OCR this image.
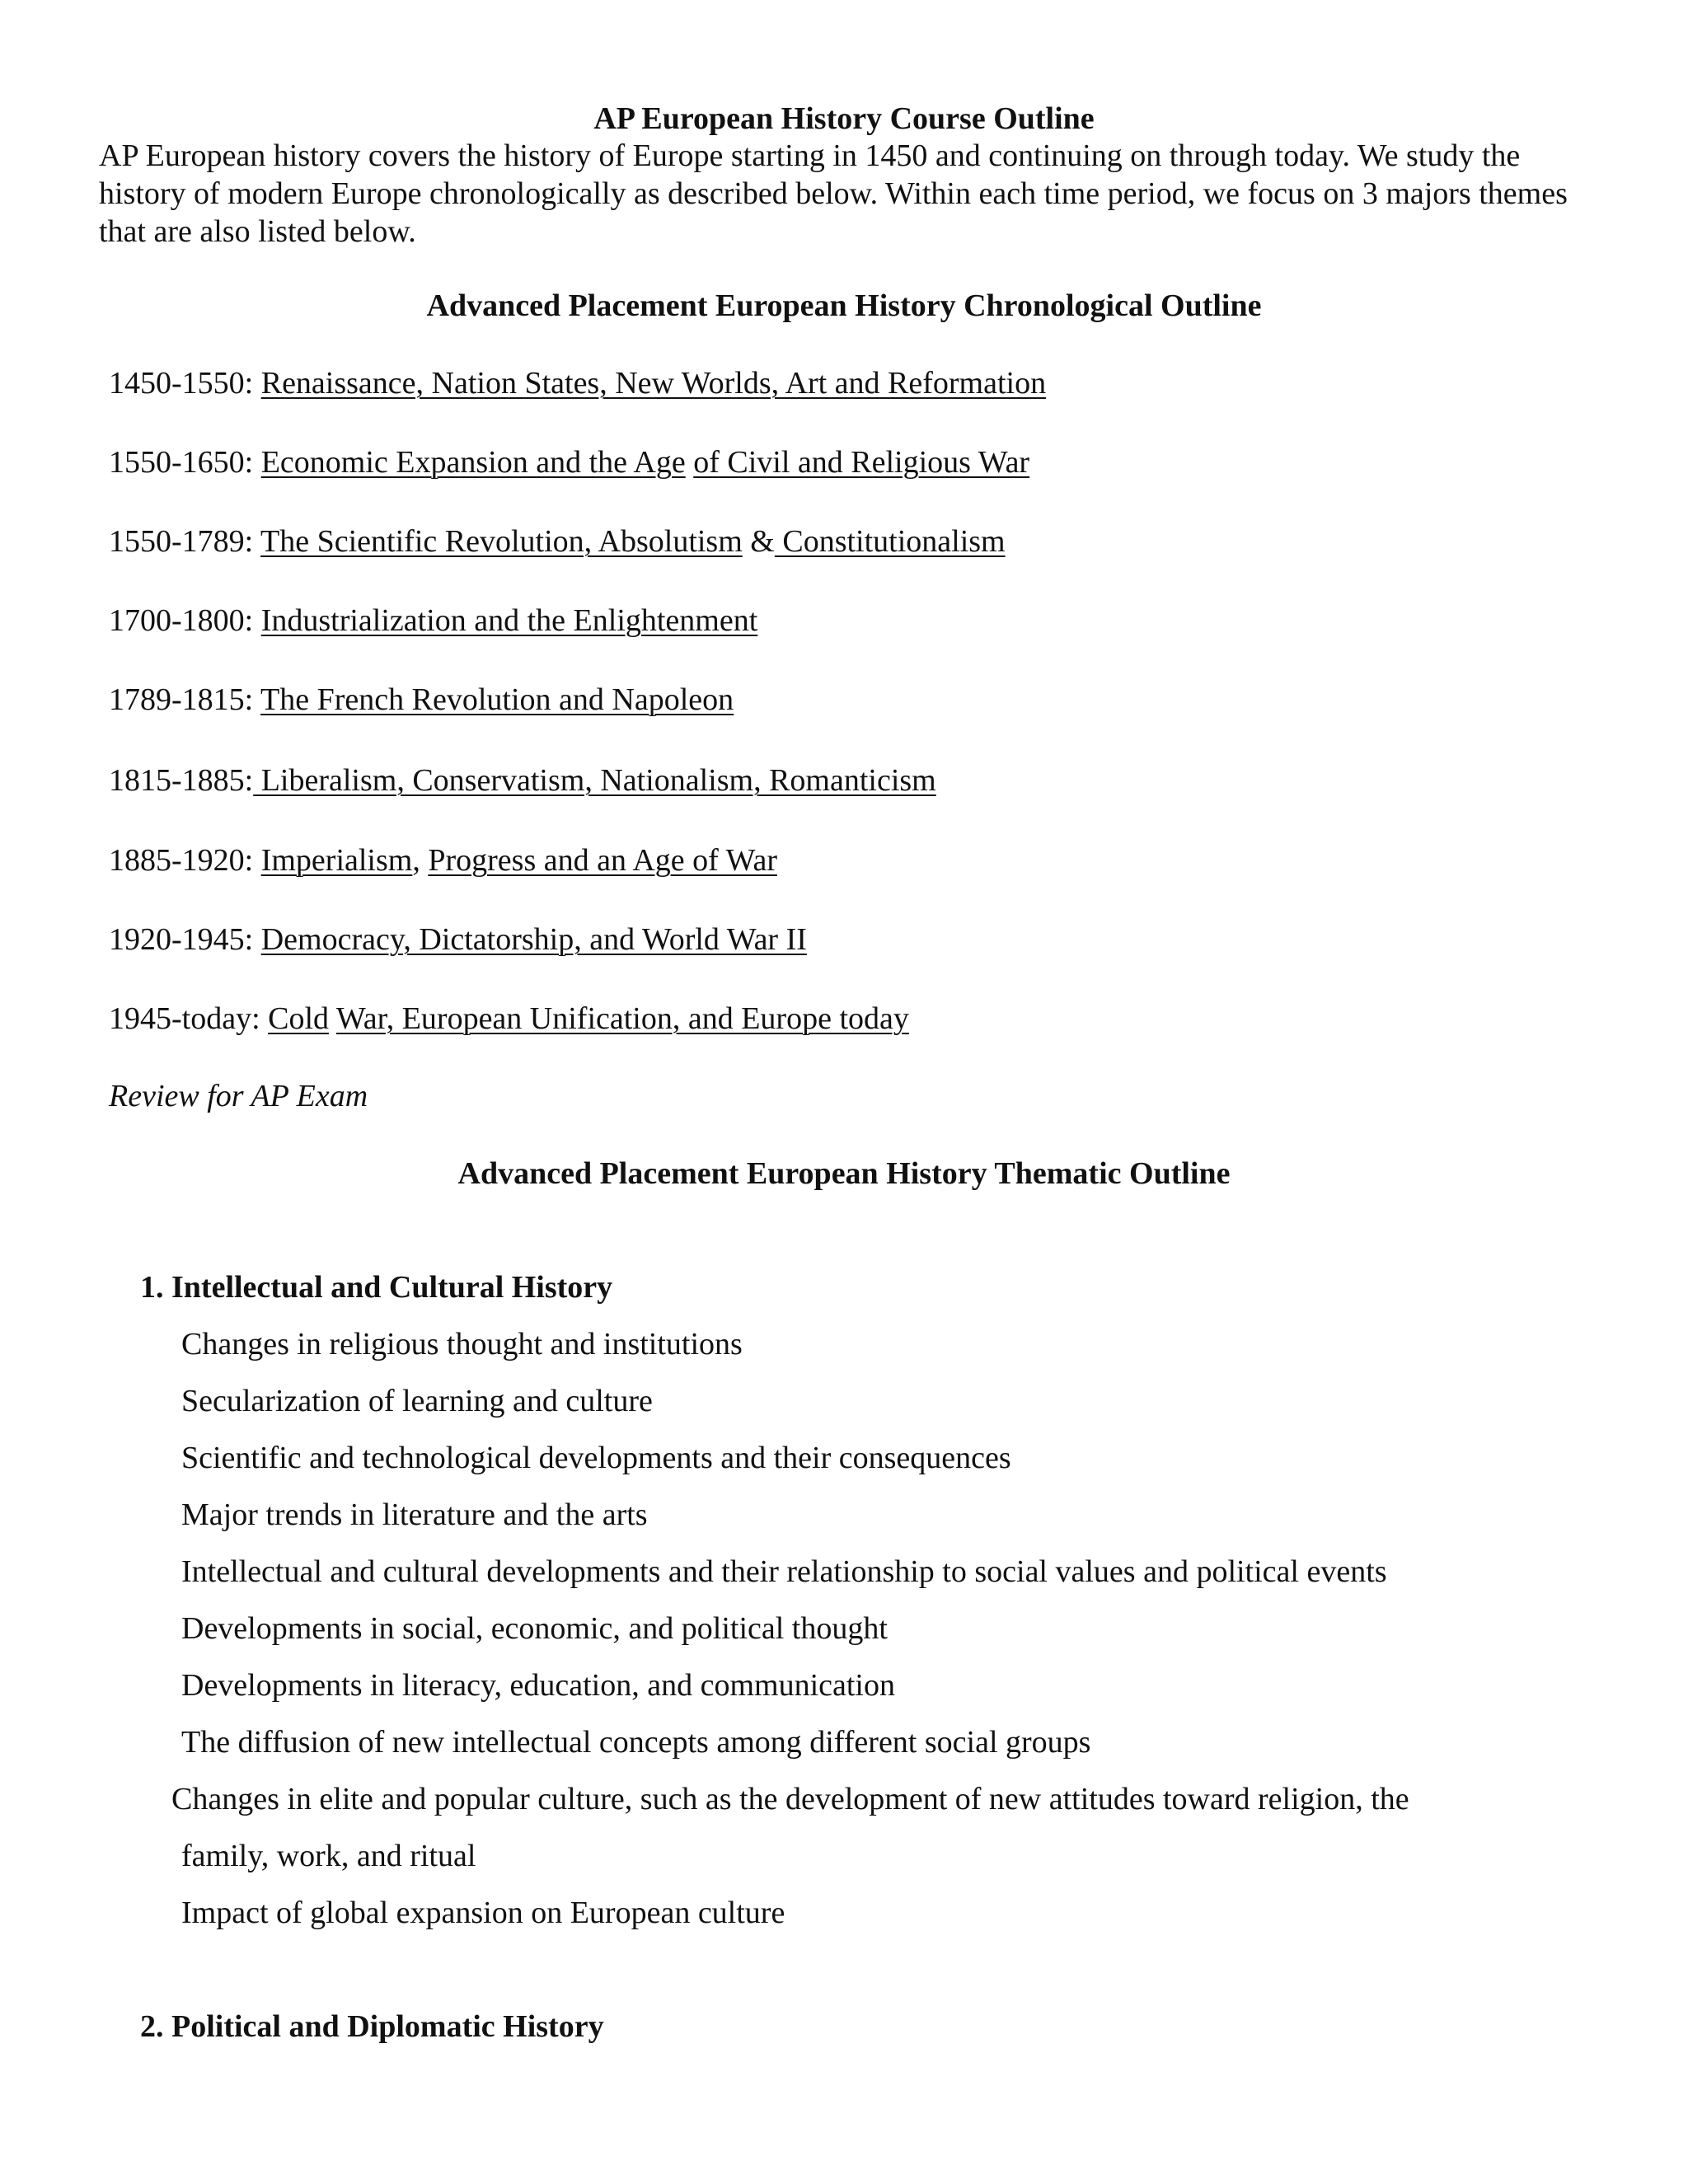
AP European History Course Outline

AP European history covers the history of Europe starting in 1450 and continuing on through today. We study the history of modern Europe chronologically as described below. Within each time period, we focus on 3 majors themes that are also listed below.

Advanced Placement European History Chronological Outline
1450-1550: Renaissance, Nation States, New Worlds, Art and Reformation
1550-1650: Economic Expansion and the Age of Civil and Religious War
1550-1789: The Scientific Revolution, Absolutism & Constitutionalism
1700-1800: Industrialization and the Enlightenment
1789-1815: The French Revolution and Napoleon
1815-1885: Liberalism, Conservatism, Nationalism, Romanticism
1885-1920: Imperialism, Progress and an Age of War
1920-1945: Democracy, Dictatorship, and World War II
1945-today: Cold War, European Unification, and Europe today
Review for AP Exam
Advanced Placement European History Thematic Outline
1. Intellectual and Cultural History
Changes in religious thought and institutions
Secularization of learning and culture
Scientific and technological developments and their consequences
Major trends in literature and the arts
Intellectual and cultural developments and their relationship to social values and political events
Developments in social, economic, and political thought
Developments in literacy, education, and communication
The diffusion of new intellectual concepts among different social groups
Changes in elite and popular culture, such as the development of new attitudes toward religion, the
family, work, and ritual
Impact of global expansion on European culture
2. Political and Diplomatic History
